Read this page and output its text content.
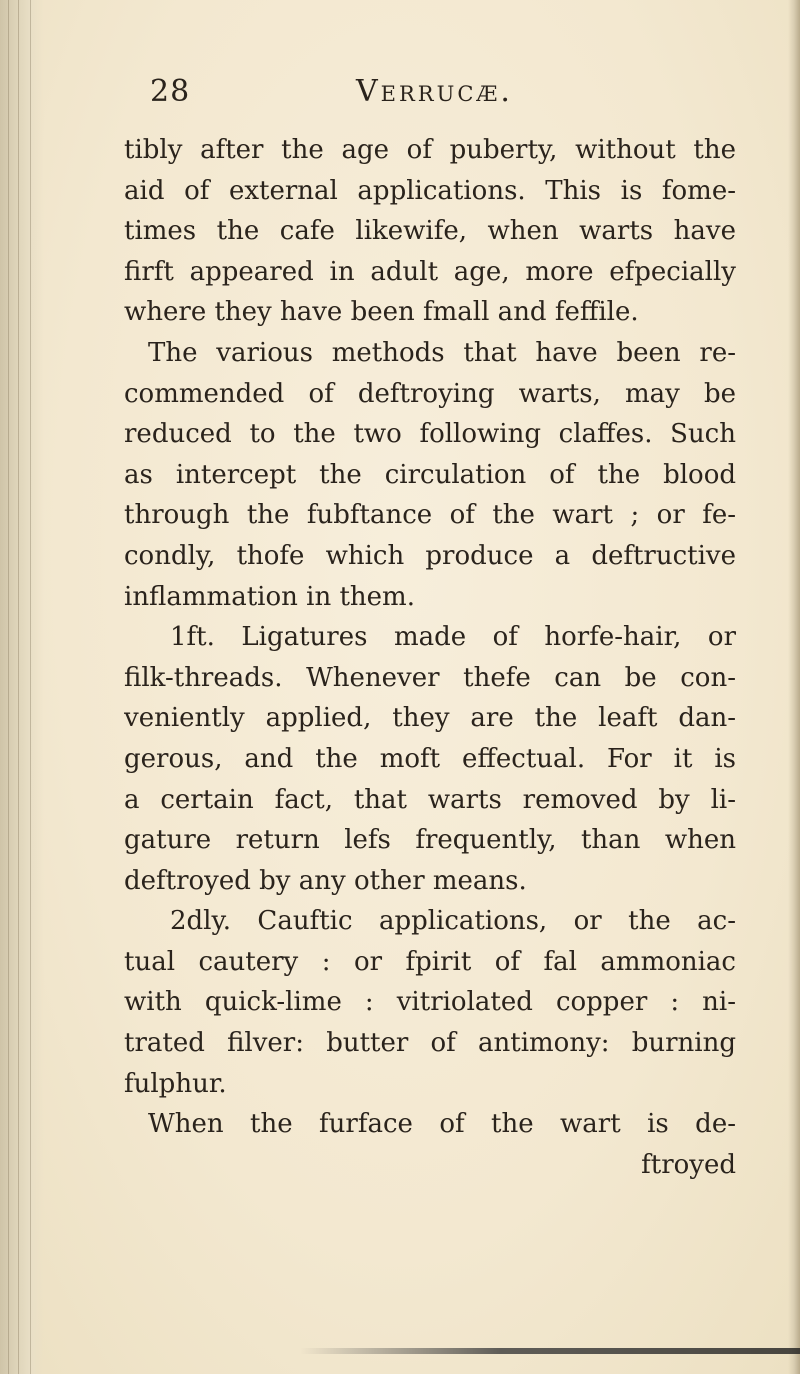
28	Verrucæ.
tibly after the age of puberty, without the
aid of external applications. This is fome-
times the cafe likewife, when warts have
firft appeared in adult age, more efpecially
where they have been fmall and feffile.
The various methods that have been re-
commended of deftroying warts, may be
reduced to the two following claffes. Such
as intercept the circulation of the blood
through the fubftance of the wart ; or fe-
condly, thofe which produce a deftructive
inflammation in them.
1ft. Ligatures made of horfe-hair, or
filk-threads. Whenever thefe can be con-
veniently applied, they are the leaft dan-
gerous, and the moft effectual. For it is
a certain fact, that warts removed by li-
gature return lefs frequently, than when
deftroyed by any other means.
2dly. Cauftic applications, or the ac-
tual cautery : or fpirit of fal ammoniac
with quick-lime : vitriolated copper : ni-
trated filver: butter of antimony: burning
fulphur.
When the furface of the wart is de-
ftroyed
